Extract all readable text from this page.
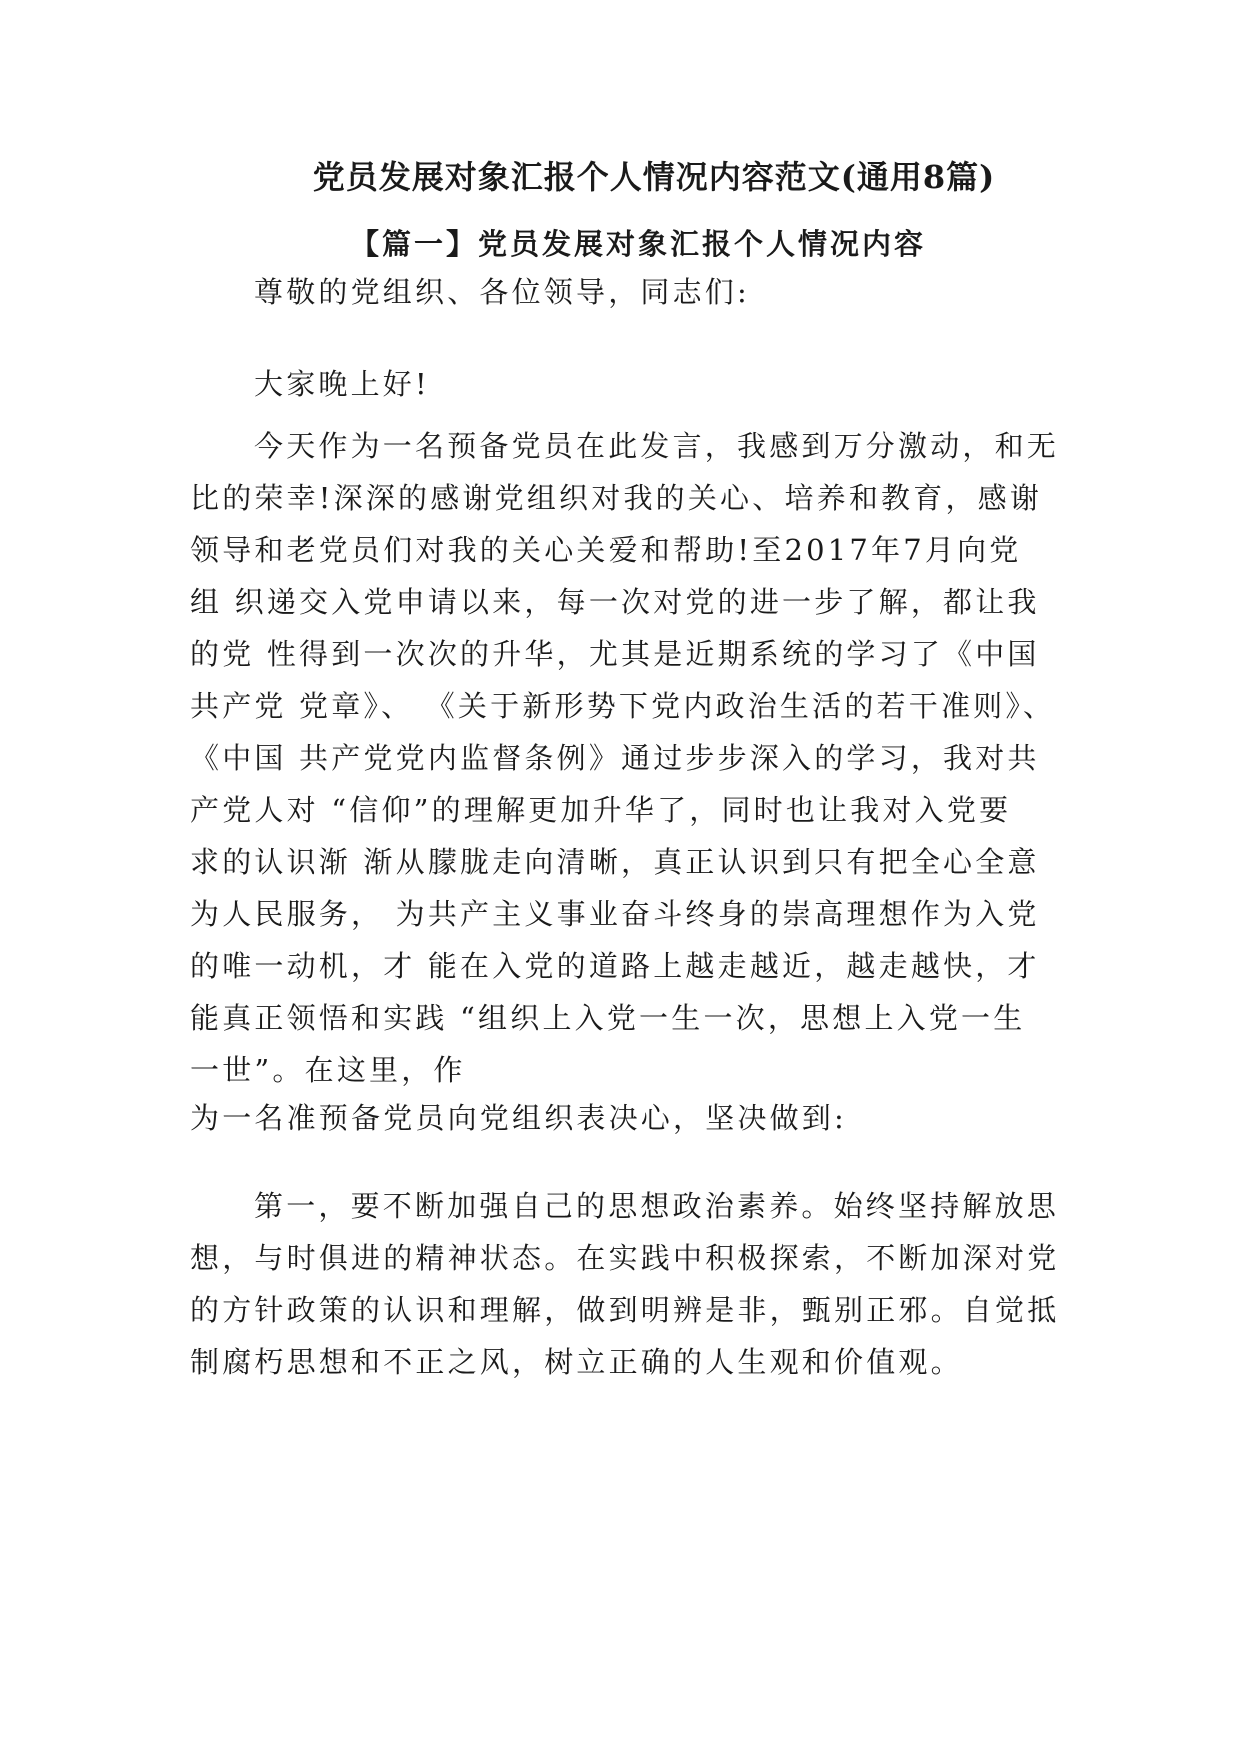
党员发展对象汇报个人情况内容范文(通用8篇)
【篇一】党员发展对象汇报个人情况内容

尊敬的党组织、各位领导，同志们:

大家晚上好!

今天作为一名预备党员在此发言，我感到万分激动，和无

比的荣幸!深深的感谢党组织对我的关心、培养和教育，感谢

领导和老党员们对我的关心关爱和帮助!至2017年7月向党

组 织递交入党申请以来，每一次对党的进一步了解，都让我

的党 性得到一次次的升华，尤其是近期系统的学习了《中国

共产党 党章》、 《关于新形势下党内政治生活的若干准则》、

《中国 共产党党内监督条例》通过步步深入的学习，我对共

产党人对 “信仰”的理解更加升华了，同时也让我对入党要

求的认识渐 渐从朦胧走向清晰，真正认识到只有把全心全意

为人民服务， 为共产主义事业奋斗终身的崇高理想作为入党

的唯一动机，才 能在入党的道路上越走越近，越走越快，才

能真正领悟和实践 “组织上入党一生一次，思想上入党一生

一世”。在这里，作

为一名准预备党员向党组织表决心，坚决做到:

第一，要不断加强自己的思想政治素养。始终坚持解放思

想，与时俱进的精神状态。在实践中积极探索，不断加深对党

的方针政策的认识和理解，做到明辨是非，甄别正邪。自觉抵

制腐朽思想和不正之风，树立正确的人生观和价值观。
